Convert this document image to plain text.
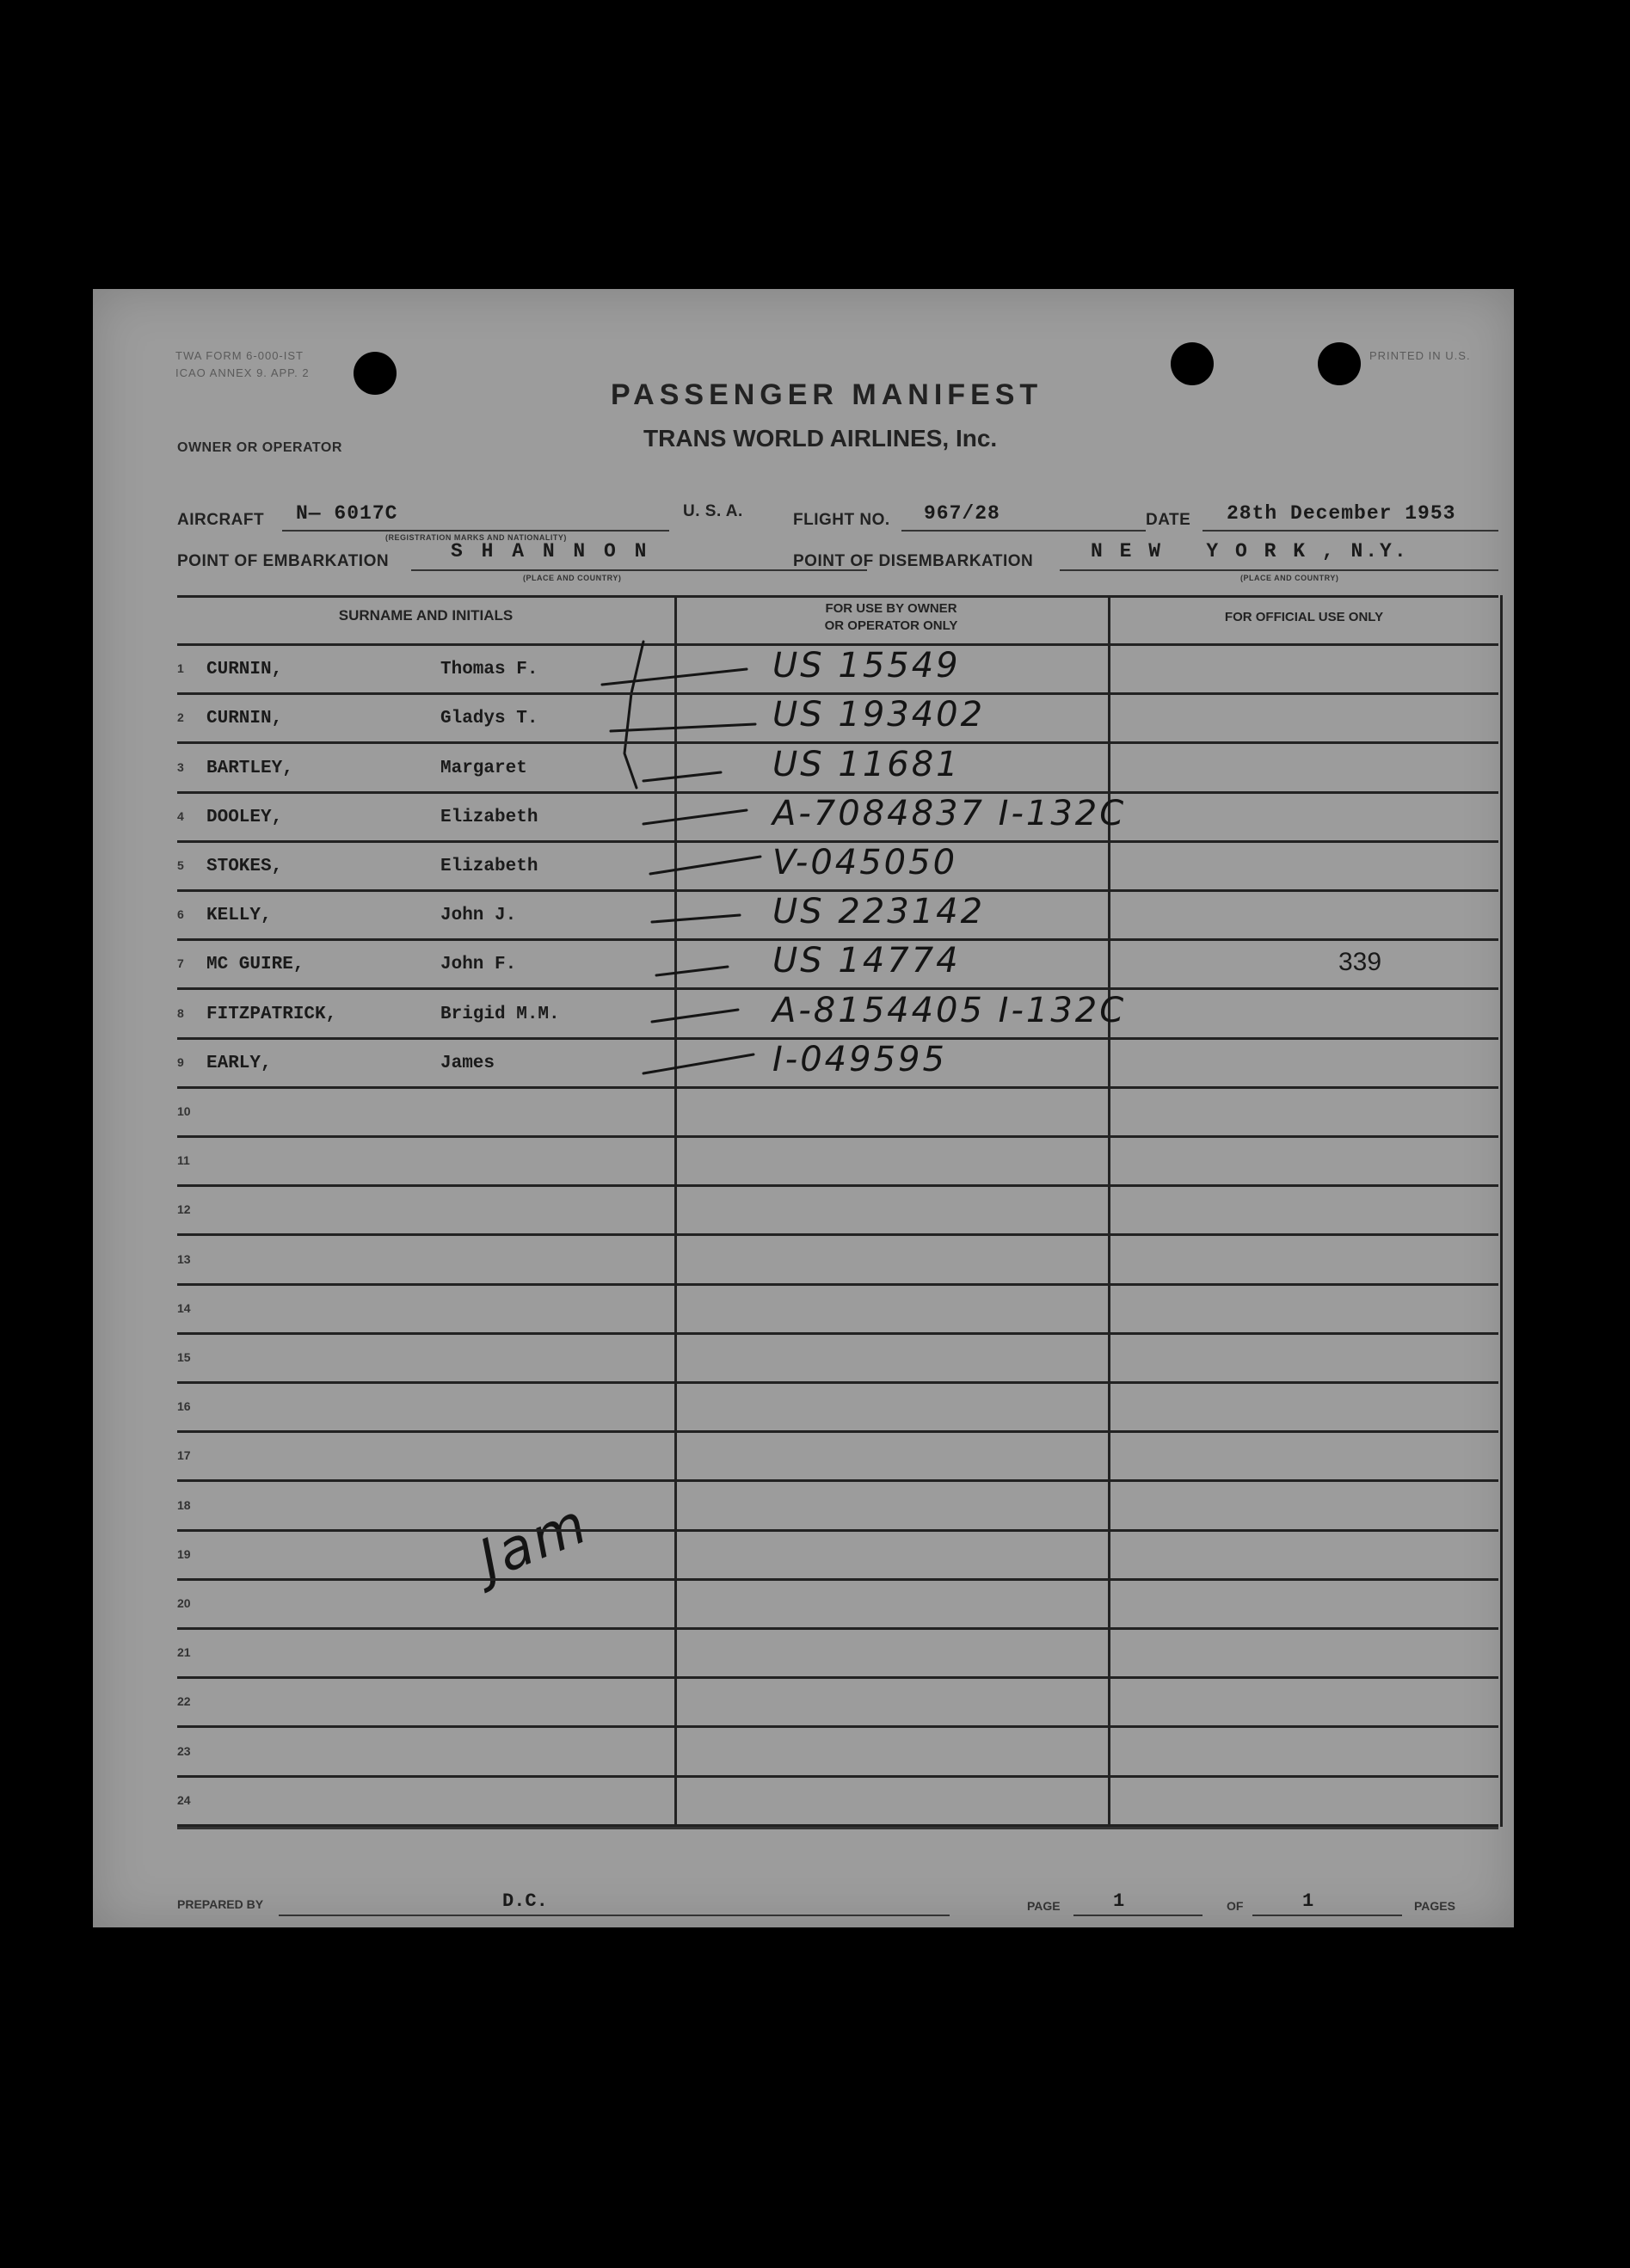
TWA FORM 6-000-IST
ICAO ANNEX 9. APP. 2
PRINTED IN U.S.
PASSENGER MANIFEST
TRANS WORLD AIRLINES, Inc.
OWNER OR OPERATOR
AIRCRAFT N— 6017C
(REGISTRATION MARKS AND NATIONALITY)
U. S. A.	FLIGHT NO. 967/28	DATE 28th December 1953
POINT OF EMBARKATION	S H A N N O N
(PLACE AND COUNTRY)
POINT OF DISEMBARKATION	N E W   Y O R K , N.Y.
(PLACE AND COUNTRY)
SURNAME AND INITIALS	FOR USE BY OWNER
OR OPERATOR ONLY
FOR OFFICIAL USE ONLY
1 CURNIN,	Thomas F.	US 15549
2 CURNIN,	Gladys T.	US 193402
3 BARTLEY,	Margaret	US 11681
4 DOOLEY,	Elizabeth	A-7084837 I-132C
5 STOKES,	Elizabeth	V-045050
6 KELLY,	John J.	US 223142
7 MC GUIRE,	John F.	US 14774	339
8 FITZPATRICK,	Brigid M.M.	A-8154405 I-132C
9 EARLY,	James	I-049595
10
11
12
13
14
15
16
17
18
19
20
21
22
23
24
PREPARED BY	D.C.	PAGE	1	OF	1	PAGES
Jam
